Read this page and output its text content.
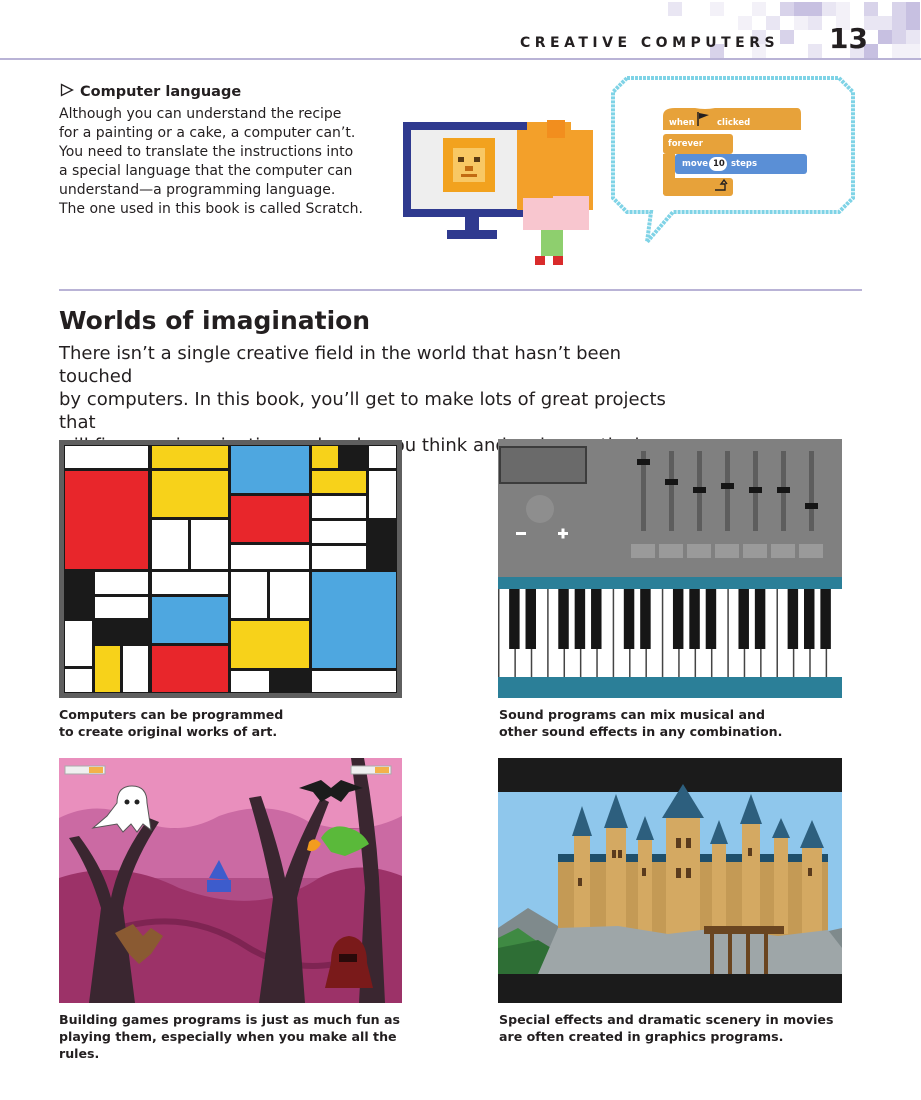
CREATIVE COMPUTERS 13
Computer language
Although you can understand the recipe
for a painting or a cake, a computer can’t.
You need to translate the instructions into
a special language that the computer can
understand—a programming language.
The one used in this book is called Scratch.
when	clicked
forever
move 10 steps
Worlds of imagination
There isn’t a single creative field in the world that hasn’t been touched
by computers. In this book, you’ll get to make lots of great projects that
think and
Computers can be programmed
to create original works of art.
Sound programs can mix musical and
other sound effects in any combination.
Building games programs is just as much fun as
playing them, especially when you make all the rules.
Special effects and dramatic scenery in movies
are often created in graphics programs.
